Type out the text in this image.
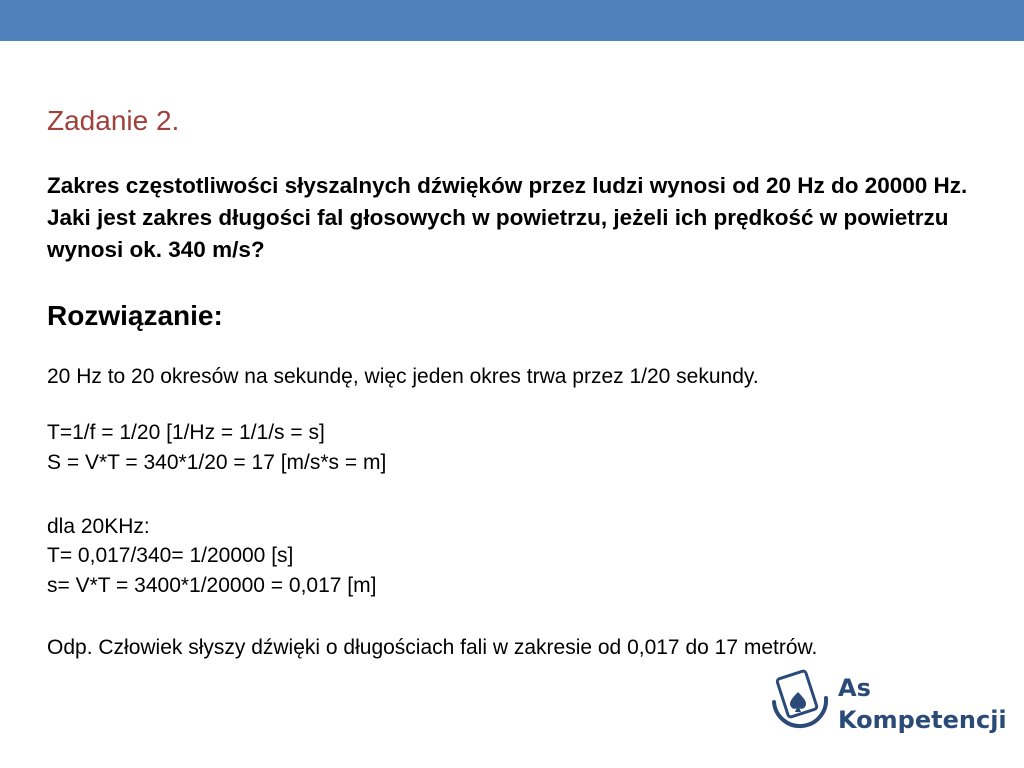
Zadanie 2.

Zakres częstotliwości słyszalnych dźwięków przez ludzi wynosi od 20 Hz do 20000 Hz. Jaki jest zakres długości fal głosowych w powietrzu, jeżeli ich prędkość w powietrzu wynosi ok. 340 m/s?

Rozwiązanie:

20 Hz to 20 okresów na sekundę, więc jeden okres trwa przez 1/20 sekundy.

T=1/f = 1/20 [1/Hz = 1/1/s = s]

S = V*T = 340*1/20 = 17 [m/s*s = m]

dla 20KHz:

T= 0,017/340= 1/20000 [s]

s= V*T = 3400*1/20000 = 0,017 [m]

Odp. Człowiek słyszy dźwięki o długościach fali w zakresie od 0,017 do 17 metrów.

As
Kompetencji
